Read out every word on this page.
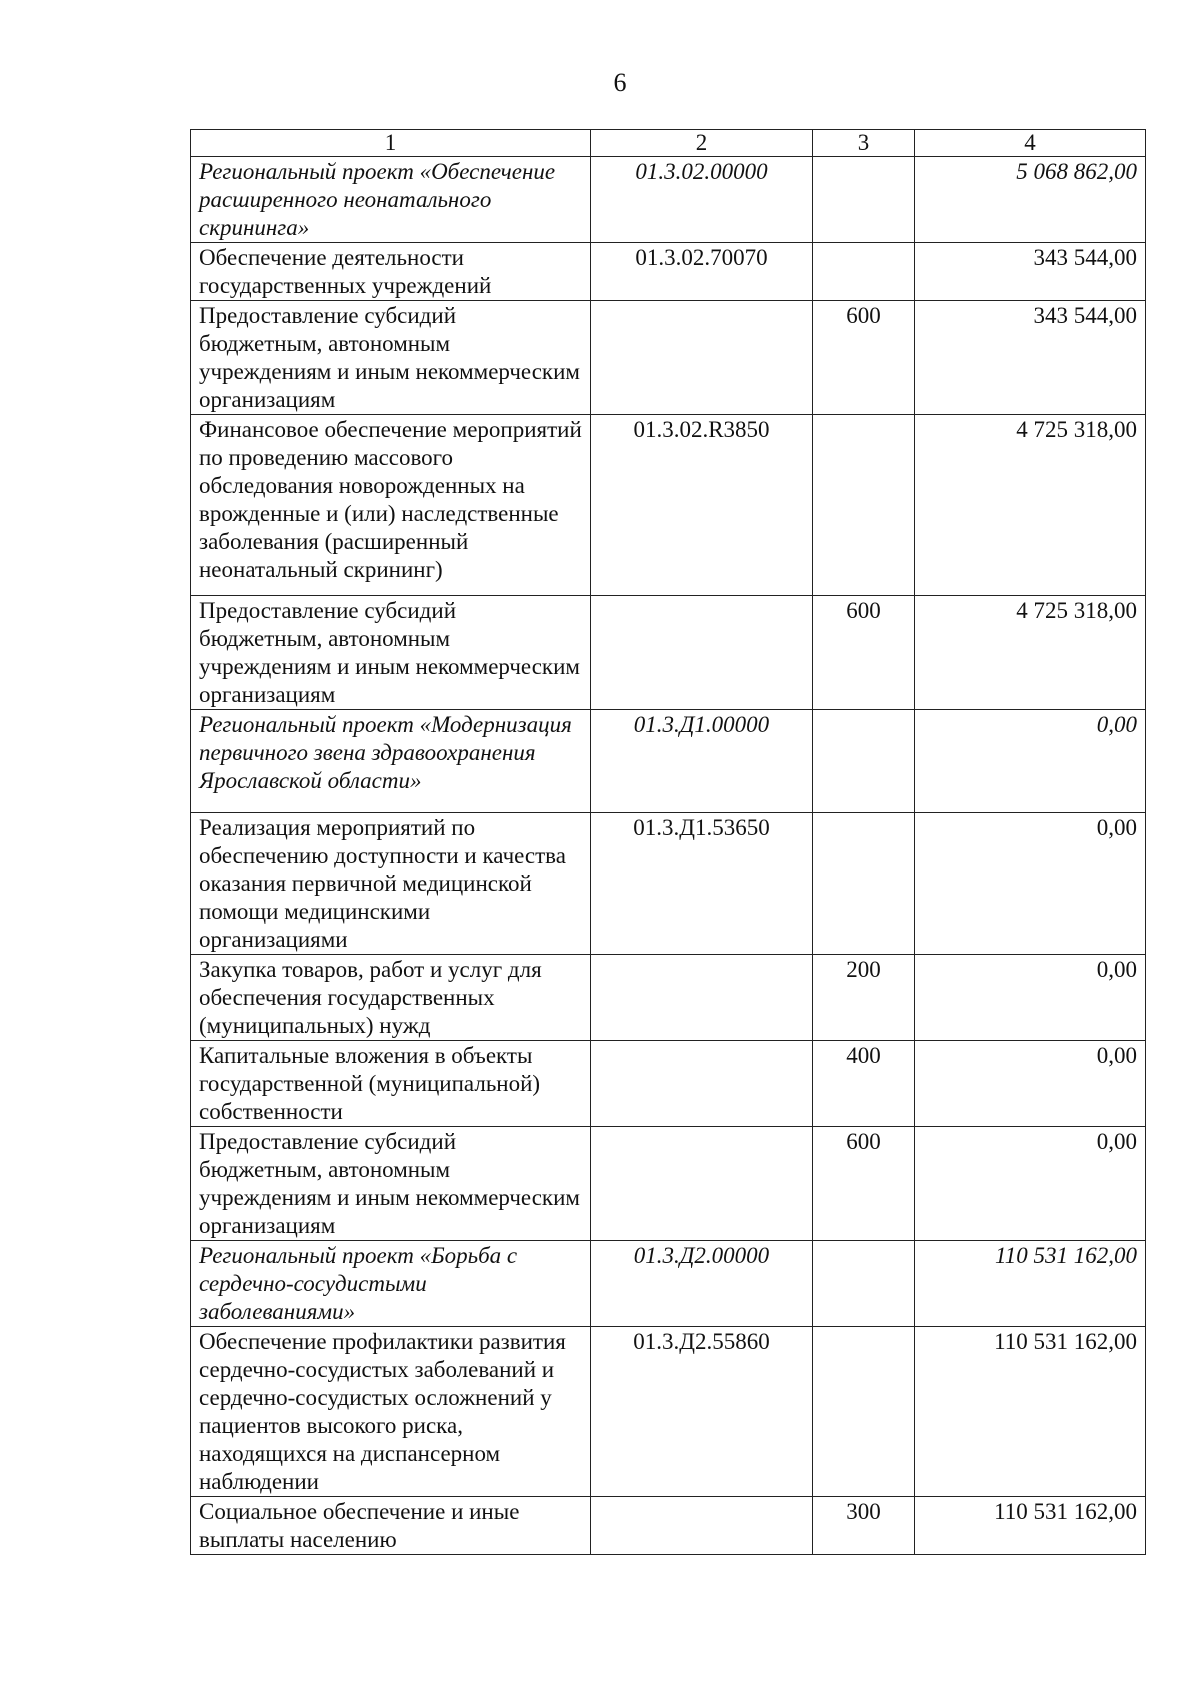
6
1	2	3	4
Региональный проект «Обеспечение расширенного неонатального скрининга»	01.3.02.00000		5 068 862,00
Обеспечение деятельности государственных учреждений	01.3.02.70070		343 544,00
Предоставление субсидий бюджетным, автономным учреждениям и иным некоммерческим организациям		600	343 544,00
Финансовое обеспечение мероприятий по проведению массового обследования новорожденных на врожденные и (или) наследственные заболевания (расширенный неонатальный скрининг)	01.3.02.R3850		4 725 318,00
Предоставление субсидий бюджетным, автономным учреждениям и иным некоммерческим организациям		600	4 725 318,00
Региональный проект «Модернизация первичного звена здравоохранения Ярославской области»	01.3.Д1.00000		0,00
Реализация мероприятий по обеспечению доступности и качества оказания первичной медицинской помощи медицинскими организациями	01.3.Д1.53650		0,00
Закупка товаров, работ и услуг для обеспечения государственных (муниципальных) нужд		200	0,00
Капитальные вложения в объекты государственной (муниципальной) собственности		400	0,00
Предоставление субсидий бюджетным, автономным учреждениям и иным некоммерческим организациям		600	0,00
Региональный проект «Борьба с сердечно-сосудистыми заболеваниями»	01.3.Д2.00000		110 531 162,00
Обеспечение профилактики развития сердечно-сосудистых заболеваний и сердечно-сосудистых осложнений у пациентов высокого риска, находящихся на диспансерном наблюдении	01.3.Д2.55860		110 531 162,00
Социальное обеспечение и иные выплаты населению		300	110 531 162,00
